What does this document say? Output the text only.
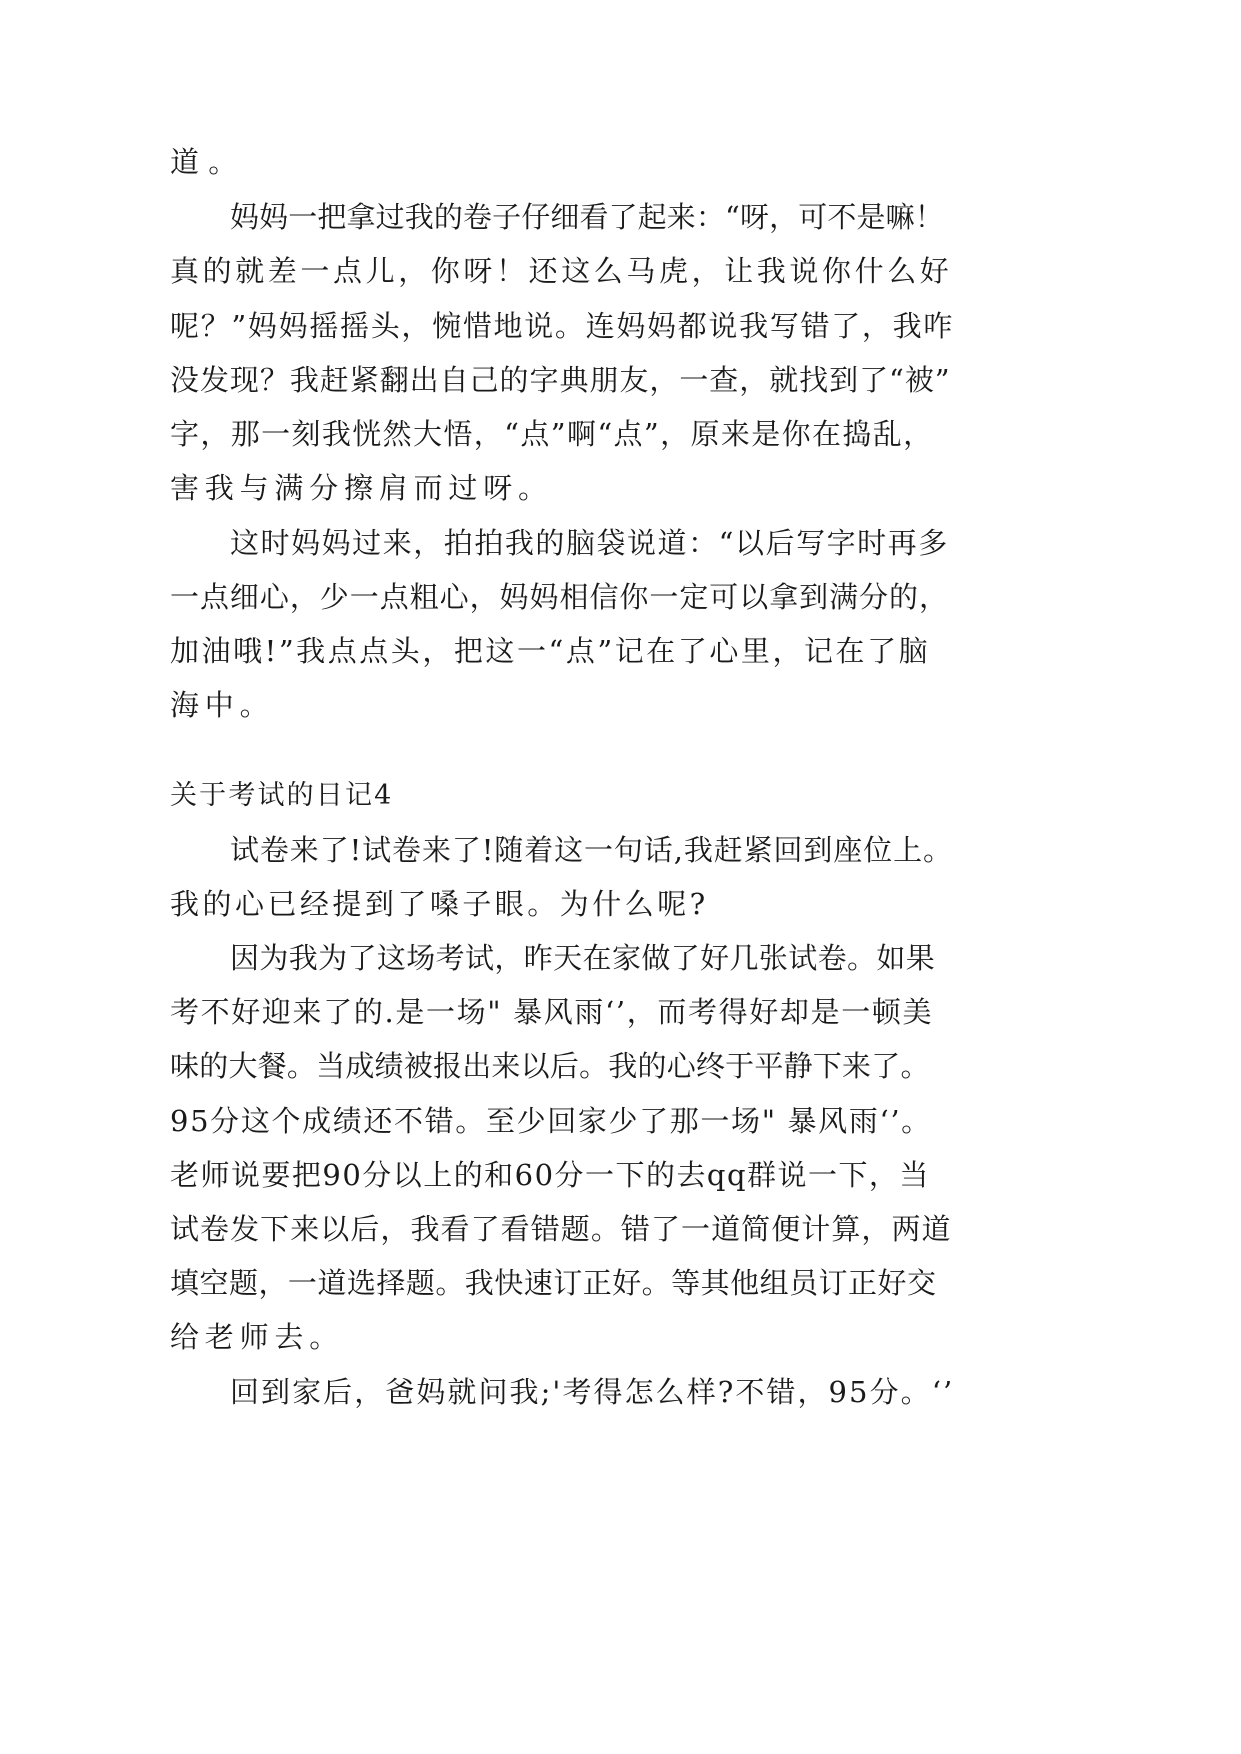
道。
妈妈一把拿过我的卷子仔细看了起来：“呀，可不是嘛！
真的就差一点儿，你呀！还这么马虎，让我说你什么好
呢？”妈妈摇摇头，惋惜地说。连妈妈都说我写错了，我咋
没发现？我赶紧翻出自己的字典朋友，一查，就找到了“被”
字，那一刻我恍然大悟，“点”啊“点”，原来是你在捣乱，
害我与满分擦肩而过呀。
这时妈妈过来，拍拍我的脑袋说道：“以后写字时再多
一点细心，少一点粗心，妈妈相信你一定可以拿到满分的，
加油哦!”我点点头，把这一“点”记在了心里，记在了脑
海中。
关于考试的日记4
试卷来了!试卷来了!随着这一句话,我赶紧回到座位上。
我的心已经提到了嗓子眼。为什么呢?
因为我为了这场考试，昨天在家做了好几张试卷。如果
考不好迎来了的.是一场" 暴风雨‘’，而考得好却是一顿美
味的大餐。当成绩被报出来以后。我的心终于平静下来了。
95分这个成绩还不错。至少回家少了那一场" 暴风雨‘’。
老师说要把90分以上的和60分一下的去qq群说一下，当
试卷发下来以后，我看了看错题。错了一道简便计算，两道
填空题，一道选择题。我快速订正好。等其他组员订正好交
给老师去。
回到家后，爸妈就问我;'考得怎么样?不错，95分。‘’
